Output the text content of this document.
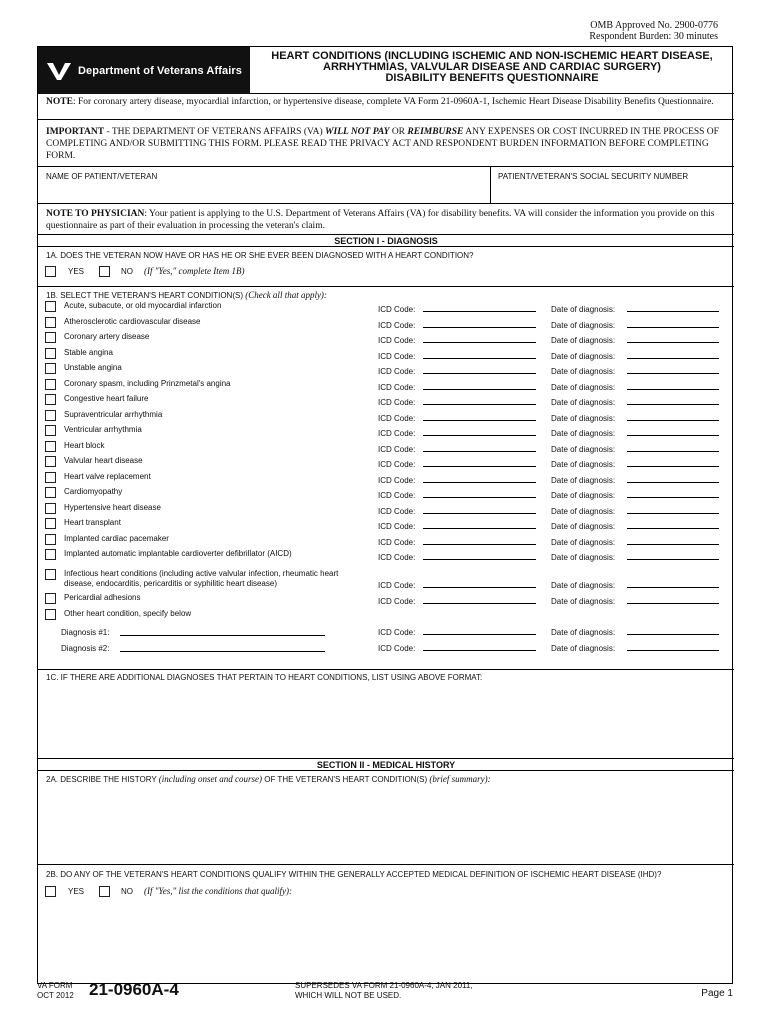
OMB Approved No. 2900-0776
Respondent Burden: 30 minutes
Department of Veterans Affairs
HEART CONDITIONS (INCLUDING ISCHEMIC AND NON-ISCHEMIC HEART DISEASE,
ARRHYTHMIAS, VALVULAR DISEASE AND CARDIAC SURGERY)
DISABILITY BENEFITS QUESTIONNAIRE
NOTE: For coronary artery disease, myocardial infarction, or hypertensive disease, complete VA Form 21-0960A-1, Ischemic Heart Disease Disability Benefits Questionnaire.
IMPORTANT - THE DEPARTMENT OF VETERANS AFFAIRS (VA) WILL NOT PAY OR REIMBURSE ANY EXPENSES OR COST INCURRED IN THE PROCESS OF COMPLETING AND/OR SUBMITTING THIS FORM. PLEASE READ THE PRIVACY ACT AND RESPONDENT BURDEN INFORMATION BEFORE COMPLETING FORM.
NAME OF PATIENT/VETERAN	PATIENT/VETERAN'S SOCIAL SECURITY NUMBER
NOTE TO PHYSICIAN: Your patient is applying to the U.S. Department of Veterans Affairs (VA) for disability benefits. VA will consider the information you provide on this questionnaire as part of their evaluation in processing the veteran's claim.
SECTION I - DIAGNOSIS
1A. DOES THE VETERAN NOW HAVE OR HAS HE OR SHE EVER BEEN DIAGNOSED WITH A HEART CONDITION?
YES	NO (If "Yes," complete Item 1B)
1B. SELECT THE VETERAN'S HEART CONDITION(S) (Check all that apply):
Acute, subacute, or old myocardial infarction	ICD Code:	Date of diagnosis:
Atherosclerotic cardiovascular disease	ICD Code:	Date of diagnosis:
Coronary artery disease	ICD Code:	Date of diagnosis:
Stable angina	ICD Code:	Date of diagnosis:
Unstable angina	ICD Code:	Date of diagnosis:
Coronary spasm, including Prinzmetal's angina	ICD Code:	Date of diagnosis:
Congestive heart failure	ICD Code:	Date of diagnosis:
Supraventricular arrhythmia	ICD Code:	Date of diagnosis:
Ventricular arrhythmia	ICD Code:	Date of diagnosis:
Heart block	ICD Code:	Date of diagnosis:
Valvular heart disease	ICD Code:	Date of diagnosis:
Heart valve replacement	ICD Code:	Date of diagnosis:
Cardiomyopathy	ICD Code:	Date of diagnosis:
Hypertensive heart disease	ICD Code:	Date of diagnosis:
Heart transplant	ICD Code:	Date of diagnosis:
Implanted cardiac pacemaker	ICD Code:	Date of diagnosis:
Implanted automatic implantable cardioverter defibrillator (AICD)	ICD Code:	Date of diagnosis:
Infectious heart conditions (including active valvular infection, rheumatic heart
disease, endocarditis, pericarditis or syphilitic heart disease)	ICD Code:	Date of diagnosis:
Pericardial adhesions	ICD Code:	Date of diagnosis:
Other heart condition, specify below
Diagnosis #1:	ICD Code:	Date of diagnosis:
Diagnosis #2:	ICD Code:	Date of diagnosis:
1C. IF THERE ARE ADDITIONAL DIAGNOSES THAT PERTAIN TO HEART CONDITIONS, LIST USING ABOVE FORMAT:
SECTION II - MEDICAL HISTORY
2A. DESCRIBE THE HISTORY (including onset and course) OF THE VETERAN'S HEART CONDITION(S) (brief summary):
2B. DO ANY OF THE VETERAN'S HEART CONDITIONS QUALIFY WITHIN THE GENERALLY ACCEPTED MEDICAL DEFINITION OF ISCHEMIC HEART DISEASE (IHD)?
YES	NO (If "Yes," list the conditions that qualify):
VA FORM
OCT 2012 21-0960A-4	SUPERSEDES VA FORM 21-0960A-4, JAN 2011,
WHICH WILL NOT BE USED.	Page 1
